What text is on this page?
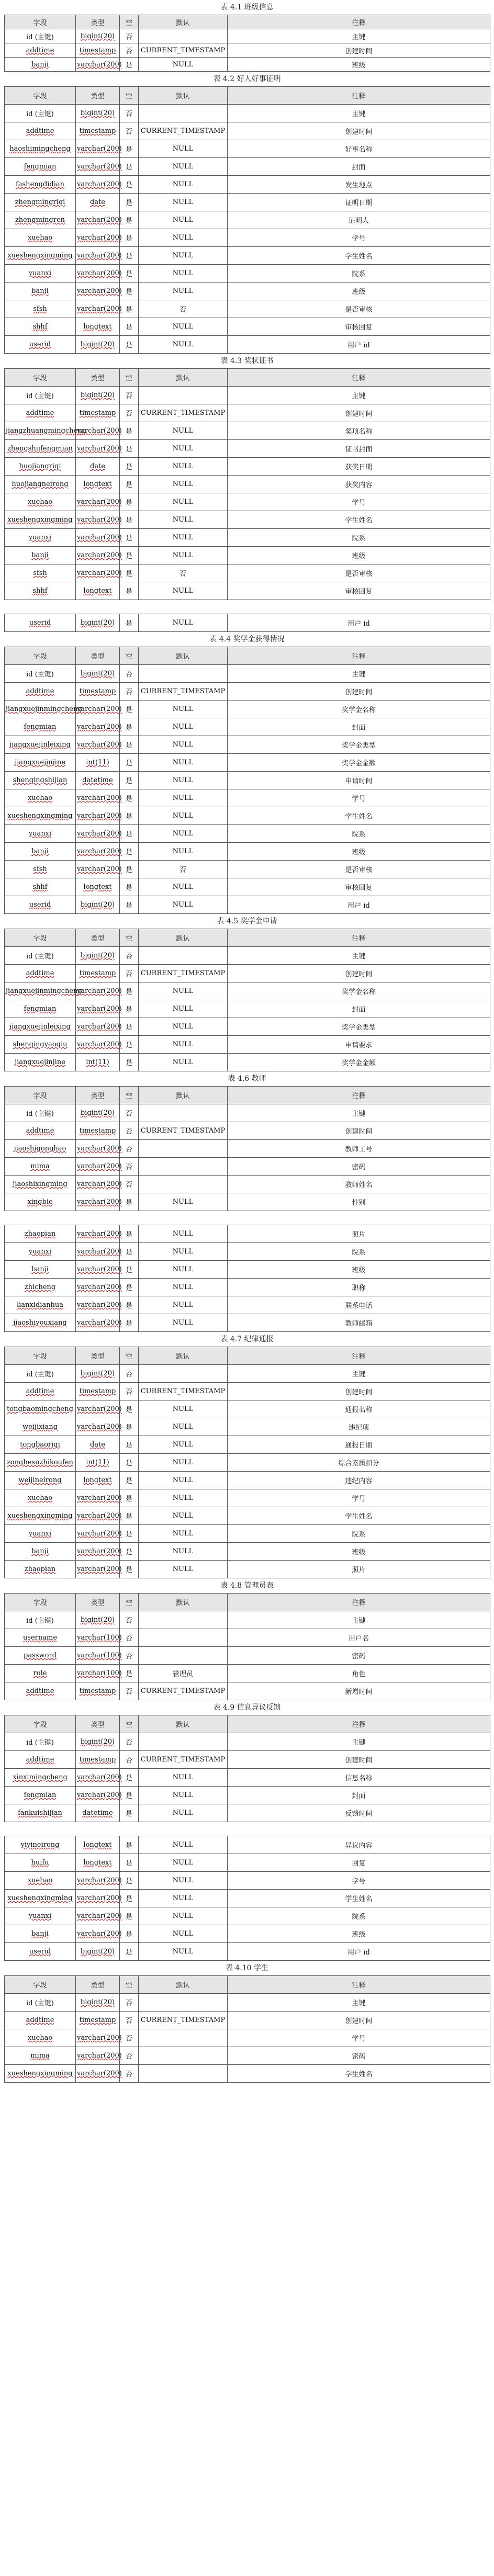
表 4.1 班级信息
字段	类型	空	默认	注释
id (主键)	bigint(20)	否		主键
addtime	timestamp	否	CURRENT_TIMESTAMP	创建时间
banji	varchar(200)	是	NULL	班级
表 4.2 好人好事证明
字段	类型	空	默认	注释
id (主键)	bigint(20)	否		主键
addtime	timestamp	否	CURRENT_TIMESTAMP	创建时间
haoshimingcheng	varchar(200)	是	NULL	好事名称
fengmian	varchar(200)	是	NULL	封面
fashengdidian	varchar(200)	是	NULL	发生地点
zhengmingriqi	date	是	NULL	证明日期
zhengmingren	varchar(200)	是	NULL	证明人
xuehao	varchar(200)	是	NULL	学号
xueshengxingming	varchar(200)	是	NULL	学生姓名
yuanxi	varchar(200)	是	NULL	院系
banji	varchar(200)	是	NULL	班级
sfsh	varchar(200)	是	否	是否审核
shhf	longtext	是	NULL	审核回复
userid	bigint(20)	是	NULL	用户 id
表 4.3 奖状证书
字段	类型	空	默认	注释
id (主键)	bigint(20)	否		主键
addtime	timestamp	否	CURRENT_TIMESTAMP	创建时间
jiangzhuangmingcheng	varchar(200)	是	NULL	奖项名称
zhengshufengmian	varchar(200)	是	NULL	证书封面
huojiangriqi	date	是	NULL	获奖日期
huojiangneirong	longtext	是	NULL	获奖内容
xuehao	varchar(200)	是	NULL	学号
xueshengxingming	varchar(200)	是	NULL	学生姓名
yuanxi	varchar(200)	是	NULL	院系
banji	varchar(200)	是	NULL	班级
sfsh	varchar(200)	是	否	是否审核
shhf	longtext	是	NULL	审核回复
userid	bigint(20)	是	NULL	用户 id
表 4.4 奖学金获得情况
字段	类型	空	默认	注释
id (主键)	bigint(20)	否		主键
addtime	timestamp	否	CURRENT_TIMESTAMP	创建时间
jiangxuejinmingcheng	varchar(200)	是	NULL	奖学金名称
fengmian	varchar(200)	是	NULL	封面
jiangxuejinleixing	varchar(200)	是	NULL	奖学金类型
jiangxuejinjine	int(11)	是	NULL	奖学金金额
shenqingshijian	datetime	是	NULL	申请时间
xuehao	varchar(200)	是	NULL	学号
xueshengxingming	varchar(200)	是	NULL	学生姓名
yuanxi	varchar(200)	是	NULL	院系
banji	varchar(200)	是	NULL	班级
sfsh	varchar(200)	是	否	是否审核
shhf	longtext	是	NULL	审核回复
userid	bigint(20)	是	NULL	用户 id
表 4.5 奖学金申请
字段	类型	空	默认	注释
id (主键)	bigint(20)	否		主键
addtime	timestamp	否	CURRENT_TIMESTAMP	创建时间
jiangxuejinmingcheng	varchar(200)	是	NULL	奖学金名称
fengmian	varchar(200)	是	NULL	封面
jiangxuejinleixing	varchar(200)	是	NULL	奖学金类型
shenqingyaoqiu	varchar(200)	是	NULL	申请要求
jiangxuejinjine	int(11)	是	NULL	奖学金金额
表 4.6 教师
字段	类型	空	默认	注释
id (主键)	bigint(20)	否		主键
addtime	timestamp	否	CURRENT_TIMESTAMP	创建时间
jiaoshigonghao	varchar(200)	否		教师工号
mima	varchar(200)	否		密码
jiaoshixingming	varchar(200)	否		教师姓名
xingbie	varchar(200)	是	NULL	性别
zhaopian	varchar(200)	是	NULL	照片
yuanxi	varchar(200)	是	NULL	院系
banji	varchar(200)	是	NULL	班级
zhicheng	varchar(200)	是	NULL	职称
lianxidianhua	varchar(200)	是	NULL	联系电话
jiaoshiyouxiang	varchar(200)	是	NULL	教师邮箱
表 4.7 纪律通报
字段	类型	空	默认	注释
id (主键)	bigint(20)	否		主键
addtime	timestamp	否	CURRENT_TIMESTAMP	创建时间
tongbaomingcheng	varchar(200)	是	NULL	通报名称
weijixiang	varchar(200)	是	NULL	违纪项
tongbaoriqi	date	是	NULL	通报日期
zonghesuzhikoufen	int(11)	是	NULL	综合素质扣分
weijineirong	longtext	是	NULL	违纪内容
xuehao	varchar(200)	是	NULL	学号
xueshengxingming	varchar(200)	是	NULL	学生姓名
yuanxi	varchar(200)	是	NULL	院系
banji	varchar(200)	是	NULL	班级
zhaopian	varchar(200)	是	NULL	照片
表 4.8 管理员表
字段	类型	空	默认	注释
id (主键)	bigint(20)	否		主键
username	varchar(100)	否		用户名
password	varchar(100)	否		密码
role	varchar(100)	是	管理员	角色
addtime	timestamp	否	CURRENT_TIMESTAMP	新增时间
表 4.9 信息异议反馈
字段	类型	空	默认	注释
id (主键)	bigint(20)	否		主键
addtime	timestamp	否	CURRENT_TIMESTAMP	创建时间
xinximingcheng	varchar(200)	是	NULL	信息名称
fengmian	varchar(200)	是	NULL	封面
fankuishijian	datetime	是	NULL	反馈时间
yiyineirong	longtext	是	NULL	异议内容
huifu	longtext	是	NULL	回复
xuehao	varchar(200)	是	NULL	学号
xueshengxingming	varchar(200)	是	NULL	学生姓名
yuanxi	varchar(200)	是	NULL	院系
banji	varchar(200)	是	NULL	班级
userid	bigint(20)	是	NULL	用户 id
表 4.10 学生
字段	类型	空	默认	注释
id (主键)	bigint(20)	否		主键
addtime	timestamp	否	CURRENT_TIMESTAMP	创建时间
xuehao	varchar(200)	否		学号
mima	varchar(200)	否		密码
xueshengxingming	varchar(200)	否		学生姓名
